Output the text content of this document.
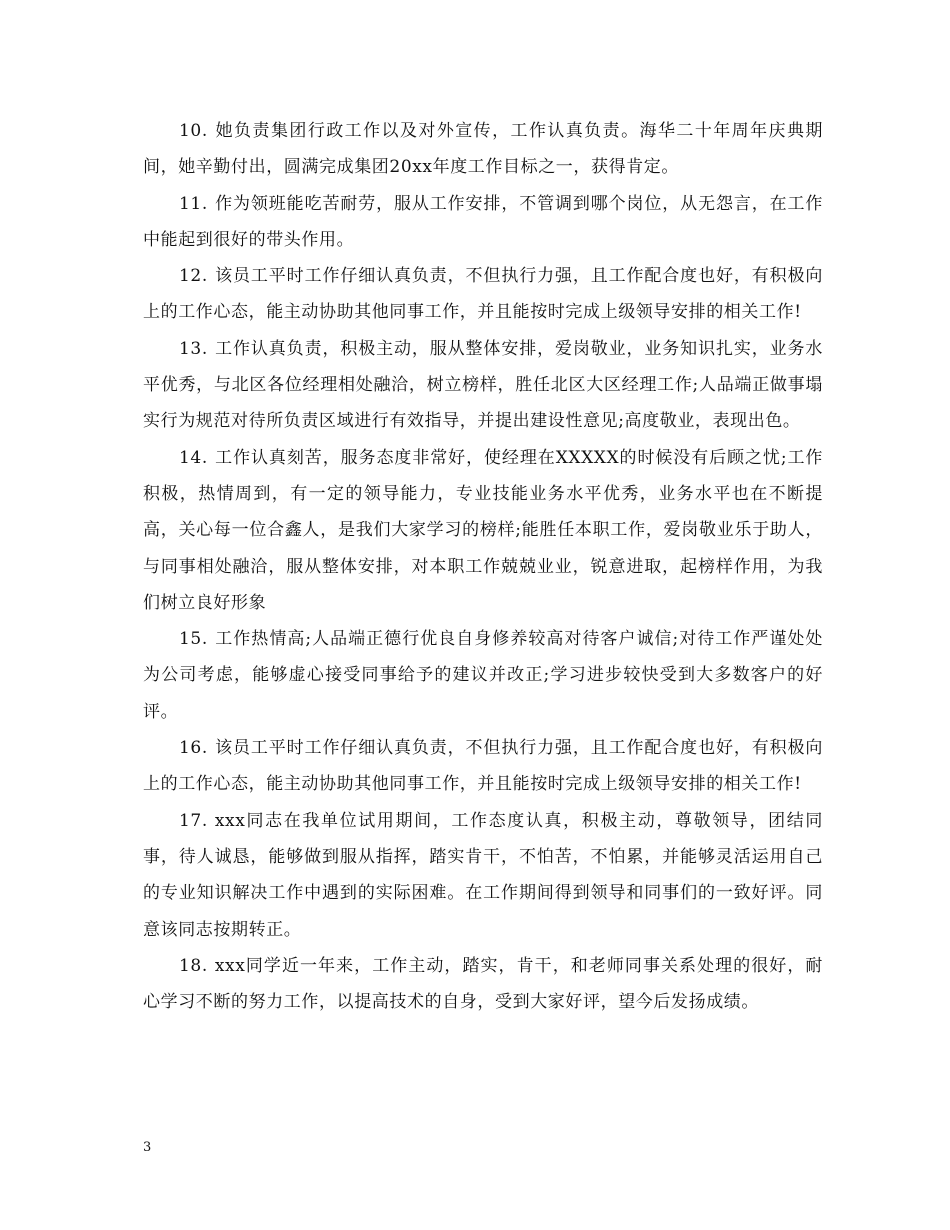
10. 她负责集团行政工作以及对外宣传，工作认真负责。海华二十年周年庆典期间，她辛勤付出，圆满完成集团20xx年度工作目标之一，获得肯定。

11. 作为领班能吃苦耐劳，服从工作安排，不管调到哪个岗位，从无怨言，在工作中能起到很好的带头作用。

12. 该员工平时工作仔细认真负责，不但执行力强，且工作配合度也好，有积极向上的工作心态，能主动协助其他同事工作，并且能按时完成上级领导安排的相关工作!

13. 工作认真负责，积极主动，服从整体安排，爱岗敬业，业务知识扎实，业务水平优秀，与北区各位经理相处融洽，树立榜样，胜任北区大区经理工作;人品端正做事塌实行为规范对待所负责区域进行有效指导，并提出建设性意见;高度敬业，表现出色。

14. 工作认真刻苦，服务态度非常好，使经理在XXXXX的时候没有后顾之忧;工作积极，热情周到，有一定的领导能力，专业技能业务水平优秀，业务水平也在不断提高，关心每一位合鑫人，是我们大家学习的榜样;能胜任本职工作，爱岗敬业乐于助人，与同事相处融洽，服从整体安排，对本职工作兢兢业业，锐意进取，起榜样作用，为我们树立良好形象

15. 工作热情高;人品端正德行优良自身修养较高对待客户诚信;对待工作严谨处处为公司考虑，能够虚心接受同事给予的建议并改正;学习进步较快受到大多数客户的好评。

16. 该员工平时工作仔细认真负责，不但执行力强，且工作配合度也好，有积极向上的工作心态，能主动协助其他同事工作，并且能按时完成上级领导安排的相关工作!

17. xxx同志在我单位试用期间，工作态度认真，积极主动，尊敬领导，团结同事，待人诚恳，能够做到服从指挥，踏实肯干，不怕苦，不怕累，并能够灵活运用自己的专业知识解决工作中遇到的实际困难。在工作期间得到领导和同事们的一致好评。同意该同志按期转正。

18. xxx同学近一年来，工作主动，踏实，肯干，和老师同事关系处理的很好，耐心学习不断的努力工作，以提高技术的自身，受到大家好评，望今后发扬成绩。

3
